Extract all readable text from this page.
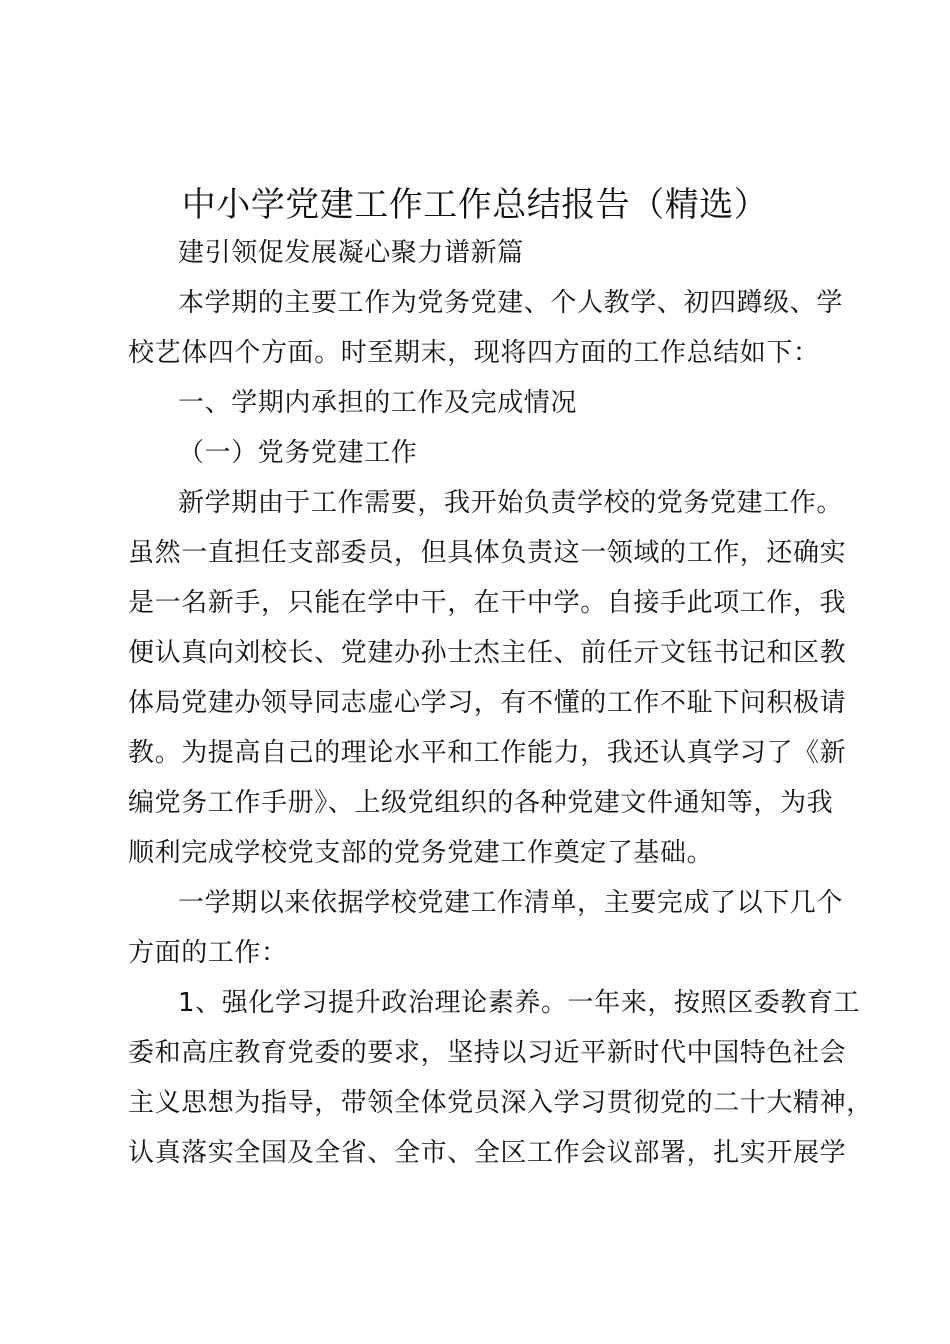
中小学党建工作工作总结报告（精选）
建引领促发展凝心聚力谱新篇
本学期的主要工作为党务党建、个人教学、初四蹲级、学
校艺体四个方面。时至期末，现将四方面的工作总结如下：
一、学期内承担的工作及完成情况
（一）党务党建工作
新学期由于工作需要，我开始负责学校的党务党建工作。
虽然一直担任支部委员，但具体负责这一领域的工作，还确实
是一名新手，只能在学中干，在干中学。自接手此项工作，我
便认真向刘校长、党建办孙士杰主任、前任亓文钰书记和区教
体局党建办领导同志虚心学习，有不懂的工作不耻下问积极请
教。为提高自己的理论水平和工作能力，我还认真学习了《新
编党务工作手册》、上级党组织的各种党建文件通知等，为我
顺利完成学校党支部的党务党建工作奠定了基础。
一学期以来依据学校党建工作清单，主要完成了以下几个
方面的工作：
1、强化学习提升政治理论素养。一年来，按照区委教育工
委和高庄教育党委的要求，坚持以习近平新时代中国特色社会
主义思想为指导，带领全体党员深入学习贯彻党的二十大精神，
认真落实全国及全省、全市、全区工作会议部署，扎实开展学
